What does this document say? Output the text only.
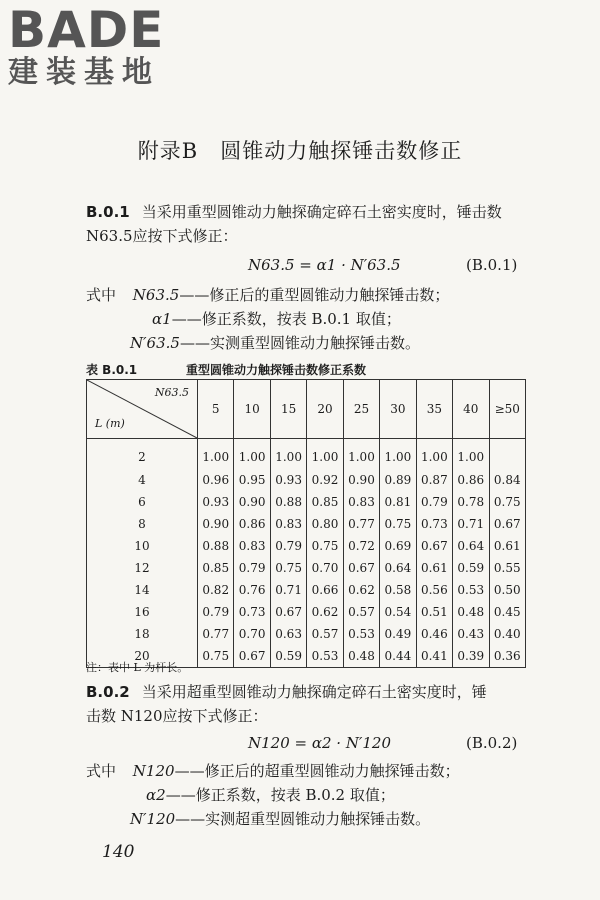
BADE
建装基地
附录B　圆锥动力触探锤击数修正
B.0.1 当采用重型圆锥动力触探确定碎石土密实度时，锤击数
N63.5应按下式修正：
N63.5 = α1 · N′63.5	(B.0.1)
式中 N63.5——修正后的重型圆锥动力触探锤击数；
α1——修正系数，按表 B.0.1 取值；
N′63.5——实测重型圆锥动力触探锤击数。
表 B.0.1	重型圆锥动力触探锤击数修正系数
N63.5
L (m)	5	10	15	20	25	30	35	40	≥50
2	1.00	1.00	1.00	1.00	1.00	1.00	1.00	1.00	
4	0.96	0.95	0.93	0.92	0.90	0.89	0.87	0.86	0.84
6	0.93	0.90	0.88	0.85	0.83	0.81	0.79	0.78	0.75
8	0.90	0.86	0.83	0.80	0.77	0.75	0.73	0.71	0.67
10	0.88	0.83	0.79	0.75	0.72	0.69	0.67	0.64	0.61
12	0.85	0.79	0.75	0.70	0.67	0.64	0.61	0.59	0.55
14	0.82	0.76	0.71	0.66	0.62	0.58	0.56	0.53	0.50
16	0.79	0.73	0.67	0.62	0.57	0.54	0.51	0.48	0.45
18	0.77	0.70	0.63	0.57	0.53	0.49	0.46	0.43	0.40
20	0.75	0.67	0.59	0.53	0.48	0.44	0.41	0.39	0.36
注：表中 L 为杆长。
B.0.2 当采用超重型圆锥动力触探确定碎石土密实度时，锤
击数 N120应按下式修正：
N120 = α2 · N′120	(B.0.2)
式中 N120——修正后的超重型圆锥动力触探锤击数；
α2——修正系数，按表 B.0.2 取值；
N′120——实测超重型圆锥动力触探锤击数。
140
